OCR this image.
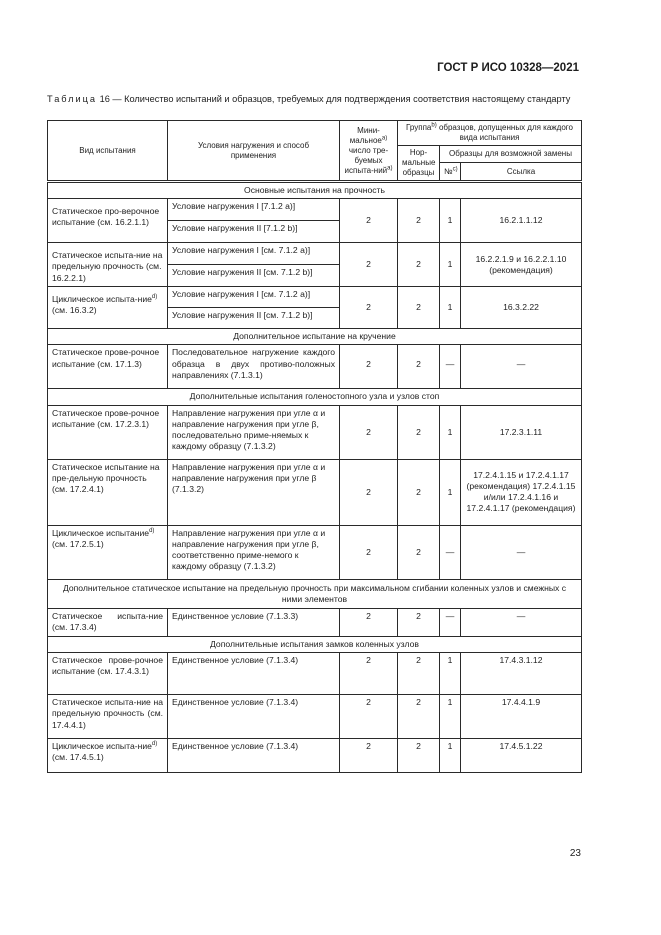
ГОСТ Р ИСО 10328—2021
Таблица 16 — Количество испытаний и образцов, требуемых для подтверждения соответствия настоящему стандарту
Вид испытания	Условия нагружения и способ применения	Мини-мальное$^{a)}$ число тре-буемых испыта-ний$^{a)}$	Группа$^{b)}$ образцов, допущенных для каждого вида испытания		
			Нор-мальные образцы	Образцы для возможной замены	
				№$^{c)}$	Ссылка
Основные испытания на прочность					
Статическое про-верочное испытание (см. 16.2.1.1)	Условие нагружения I [7.1.2 a)]	2	2	1	16.2.1.1.12
	Условие нагружения II [7.1.2 b)]				
Статическое испыта-ние на предельную прочность (см. 16.2.2.1)	Условие нагружения I [см. 7.1.2 a)]	2	2	1	16.2.2.1.9 и 16.2.2.1.10 (рекомендация)
	Условие нагружения II [см. 7.1.2 b)]				
Циклическое испыта-ние$^{d)}$ (см. 16.3.2)	Условие нагружения I [см. 7.1.2 a)]	2	2	1	16.3.2.22
	Условие нагружения II [см. 7.1.2 b)]				
Дополнительное испытание на кручение					
Статическое прове-рочное испытание (см. 17.1.3)	Последовательное нагружение каждого образца в двух противо-положных направлениях (7.1.3.1)	2	2	—	—
Дополнительные испытания голеностопного узла и узлов стоп					
Статическое прове-рочное испытание (см. 17.2.3.1)	Направление нагружения при угле α и направление нагружения при угле β, последовательно приме-няемых к каждому образцу (7.1.3.2)	2	2	1	17.2.3.1.11
Статическое испытание на пре-дельную прочность (см. 17.2.4.1)	Направление нагружения при угле α и направление нагружения при угле β (7.1.3.2)	2	2	1	17.2.4.1.15 и 17.2.4.1.17 (рекомендация) 17.2.4.1.15 и/или 17.2.4.1.16 и 17.2.4.1.17 (рекомендация)
Циклическое испытание$^{d)}$ (см. 17.2.5.1)	Направление нагружения при угле α и направление нагружения при угле β, соответственно приме-немого к каждому образцу (7.1.3.2)	2	2	—	—
Дополнительное статическое испытание на предельную прочность при максимальном сгибании коленных узлов и смежных с ними элементов					
Статическое испыта-ние (см. 17.3.4)	Единственное условие (7.1.3.3)	2	2	—	—
Дополнительные испытания замков коленных узлов					
Статическое прове-рочное испытание (см. 17.4.3.1)	Единственное условие (7.1.3.4)	2	2	1	17.4.3.1.12
Статическое испыта-ние на предельную прочность (см. 17.4.4.1)	Единственное условие (7.1.3.4)	2	2	1	17.4.4.1.9
Циклическое испыта-ние$^{d)}$ (см. 17.4.5.1)	Единственное условие (7.1.3.4)	2	2	1	17.4.5.1.22
23
